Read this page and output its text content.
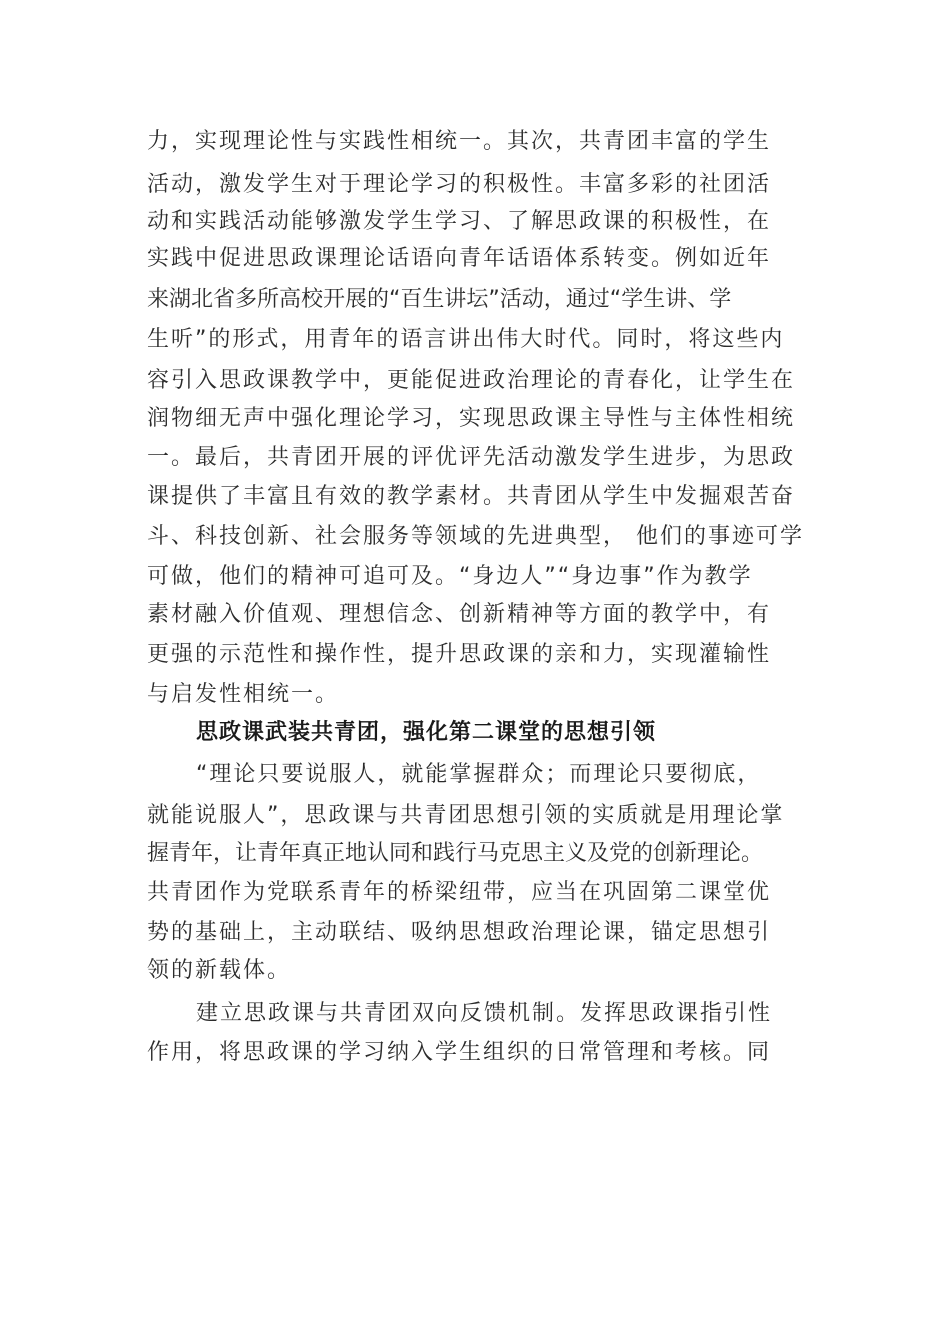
力，实现理论性与实践性相统一。其次，共青团丰富的学生
活动，激发学生对于理论学习的积极性。丰富多彩的社团活
动和实践活动能够激发学生学习、了解思政课的积极性，在
实践中促进思政课理论话语向青年话语体系转变。例如近年
来湖北省多所高校开展的“百生讲坛”活动，通过“学生讲、学
生听”的形式，用青年的语言讲出伟大时代。同时，将这些内
容引入思政课教学中，更能促进政治理论的青春化，让学生在
润物细无声中强化理论学习，实现思政课主导性与主体性相统
一。最后，共青团开展的评优评先活动激发学生进步，为思政
课提供了丰富且有效的教学素材。共青团从学生中发掘艰苦奋
斗、科技创新、社会服务等领域的先进典型， 他们的事迹可学
可做，他们的精神可追可及。“身边人”“身边事”作为教学
素材融入价值观、理想信念、创新精神等方面的教学中，有
更强的示范性和操作性，提升思政课的亲和力，实现灌输性
与启发性相统一。
思政课武装共青团，强化第二课堂的思想引领
“理论只要说服人，就能掌握群众；而理论只要彻底，
就能说服人”，思政课与共青团思想引领的实质就是用理论掌
握青年，让青年真正地认同和践行马克思主义及党的创新理论。
共青团作为党联系青年的桥梁纽带，应当在巩固第二课堂优
势的基础上，主动联结、吸纳思想政治理论课，锚定思想引
领的新载体。
建立思政课与共青团双向反馈机制。发挥思政课指引性
作用，将思政课的学习纳入学生组织的日常管理和考核。同
